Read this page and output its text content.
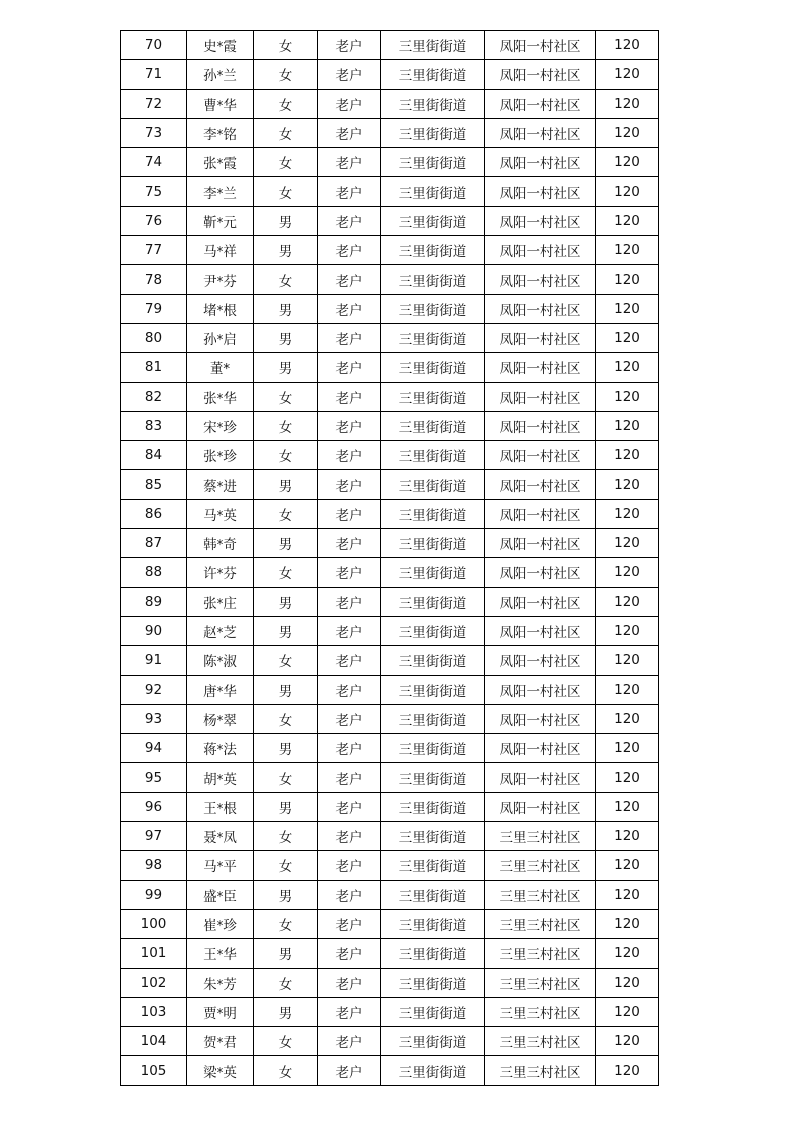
70	史*霞	女	老户	三里街街道	凤阳一村社区	120
71	孙*兰	女	老户	三里街街道	凤阳一村社区	120
72	曹*华	女	老户	三里街街道	凤阳一村社区	120
73	李*铭	女	老户	三里街街道	凤阳一村社区	120
74	张*霞	女	老户	三里街街道	凤阳一村社区	120
75	李*兰	女	老户	三里街街道	凤阳一村社区	120
76	靳*元	男	老户	三里街街道	凤阳一村社区	120
77	马*祥	男	老户	三里街街道	凤阳一村社区	120
78	尹*芬	女	老户	三里街街道	凤阳一村社区	120
79	堵*根	男	老户	三里街街道	凤阳一村社区	120
80	孙*启	男	老户	三里街街道	凤阳一村社区	120
81	董*	男	老户	三里街街道	凤阳一村社区	120
82	张*华	女	老户	三里街街道	凤阳一村社区	120
83	宋*珍	女	老户	三里街街道	凤阳一村社区	120
84	张*珍	女	老户	三里街街道	凤阳一村社区	120
85	蔡*进	男	老户	三里街街道	凤阳一村社区	120
86	马*英	女	老户	三里街街道	凤阳一村社区	120
87	韩*奇	男	老户	三里街街道	凤阳一村社区	120
88	许*芬	女	老户	三里街街道	凤阳一村社区	120
89	张*庄	男	老户	三里街街道	凤阳一村社区	120
90	赵*芝	男	老户	三里街街道	凤阳一村社区	120
91	陈*淑	女	老户	三里街街道	凤阳一村社区	120
92	唐*华	男	老户	三里街街道	凤阳一村社区	120
93	杨*翠	女	老户	三里街街道	凤阳一村社区	120
94	蒋*法	男	老户	三里街街道	凤阳一村社区	120
95	胡*英	女	老户	三里街街道	凤阳一村社区	120
96	王*根	男	老户	三里街街道	凤阳一村社区	120
97	聂*凤	女	老户	三里街街道	三里三村社区	120
98	马*平	女	老户	三里街街道	三里三村社区	120
99	盛*臣	男	老户	三里街街道	三里三村社区	120
100	崔*珍	女	老户	三里街街道	三里三村社区	120
101	王*华	男	老户	三里街街道	三里三村社区	120
102	朱*芳	女	老户	三里街街道	三里三村社区	120
103	贾*明	男	老户	三里街街道	三里三村社区	120
104	贺*君	女	老户	三里街街道	三里三村社区	120
105	梁*英	女	老户	三里街街道	三里三村社区	120
